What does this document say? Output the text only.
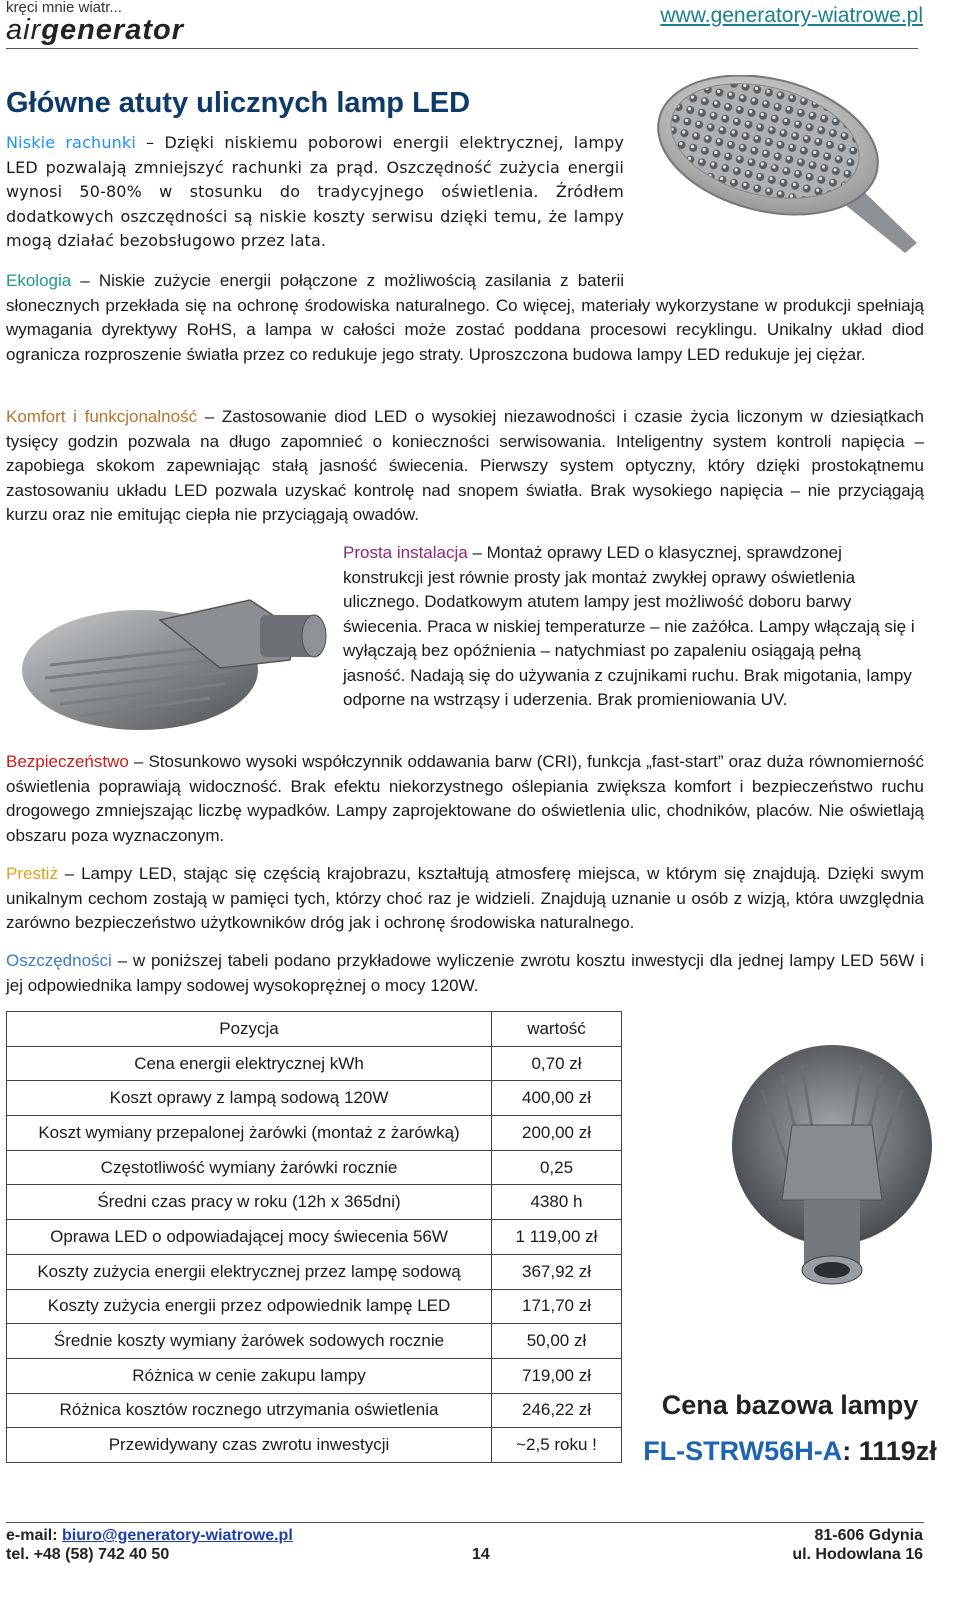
kręci mnie wiatr...
airgenerator	www.generatory-wiatrowe.pl
Główne atuty ulicznych lamp LED
Niskie rachunki – Dzięki niskiemu poborowi energii elektrycznej, lampy
LED pozwalają zmniejszyć rachunki za prąd. Oszczędność zużycia energii
wynosi 50-80% w stosunku do tradycyjnego oświetlenia. Źródłem
dodatkowych oszczędności są niskie koszty serwisu dzięki temu, że lampy
mogą działać bezobsługowo przez lata.
Ekologia – Niskie zużycie energii połączone z możliwością zasilania z baterii
słonecznych przekłada się na ochronę środowiska naturalnego. Co więcej, materiały wykorzystane w produkcji spełniają wymagania dyrektywy RoHS, a lampa w całości może zostać poddana procesowi recyklingu. Unikalny układ diod ogranicza rozproszenie światła przez co redukuje jego straty. Uproszczona budowa lampy LED redukuje jej ciężar.
Komfort i funkcjonalność – Zastosowanie diod LED o wysokiej niezawodności i czasie życia liczonym w dziesiątkach tysięcy godzin pozwala na długo zapomnieć o konieczności serwisowania. Inteligentny system kontroli napięcia – zapobiega skokom zapewniając stałą jasność świecenia. Pierwszy system optyczny, który dzięki prostokątnemu zastosowaniu układu LED pozwala uzyskać kontrolę nad snopem światła. Brak wysokiego napięcia – nie przyciągają kurzu oraz nie emitując ciepła nie przyciągają owadów.
Prosta instalacja – Montaż oprawy LED o klasycznej, sprawdzonej konstrukcji jest równie prosty jak montaż zwykłej oprawy oświetlenia ulicznego. Dodatkowym atutem lampy jest możliwość doboru barwy świecenia. Praca w niskiej temperaturze – nie zażółca. Lampy włączają się i wyłączają bez opóźnienia – natychmiast po zapaleniu osiągają pełną jasność. Nadają się do używania z czujnikami ruchu. Brak migotania, lampy odporne na wstrząsy i uderzenia. Brak promieniowania UV.
Bezpieczeństwo – Stosunkowo wysoki współczynnik oddawania barw (CRI), funkcja „fast-start” oraz duża równomierność oświetlenia poprawiają widoczność. Brak efektu niekorzystnego oślepiania zwiększa komfort i bezpieczeństwo ruchu drogowego zmniejszając liczbę wypadków. Lampy zaprojektowane do oświetlenia ulic, chodników, placów. Nie oświetlają obszaru poza wyznaczonym.
Prestiż – Lampy LED, stając się częścią krajobrazu, kształtują atmosferę miejsca, w którym się znajdują. Dzięki swym unikalnym cechom zostają w pamięci tych, którzy choć raz je widzieli. Znajdują uznanie u osób z wizją, która uwzględnia zarówno bezpieczeństwo użytkowników dróg jak i ochronę środowiska naturalnego.
Oszczędności – w poniższej tabeli podano przykładowe wyliczenie zwrotu kosztu inwestycji dla jednej lampy LED 56W i jej odpowiednika lampy sodowej wysokoprężnej o mocy 120W.
Pozycja	wartość
Cena energii elektrycznej kWh	0,70 zł
Koszt oprawy z lampą sodową 120W	400,00 zł
Koszt wymiany przepalonej żarówki (montaż z żarówką)	200,00 zł
Częstotliwość wymiany żarówki rocznie	0,25
Średni czas pracy w roku (12h x 365dni)	4380 h
Oprawa LED o odpowiadającej mocy świecenia 56W	1 119,00 zł
Koszty zużycia energii elektrycznej przez lampę sodową	367,92 zł
Koszty zużycia energii przez odpowiednik lampę LED	171,70 zł
Średnie koszty wymiany żarówek sodowych rocznie	50,00 zł
Różnica w cenie zakupu lampy	719,00 zł
Różnica kosztów rocznego utrzymania oświetlenia	246,22 zł
Przewidywany czas zwrotu inwestycji	~2,5 roku !
Cena bazowa lampy
FL-STRW56H-A: 1119zł
e-mail: biuro@generatory-wiatrowe.pl
tel. +48 (58) 742 40 50	14
81-606 Gdynia
ul. Hodowlana 16
